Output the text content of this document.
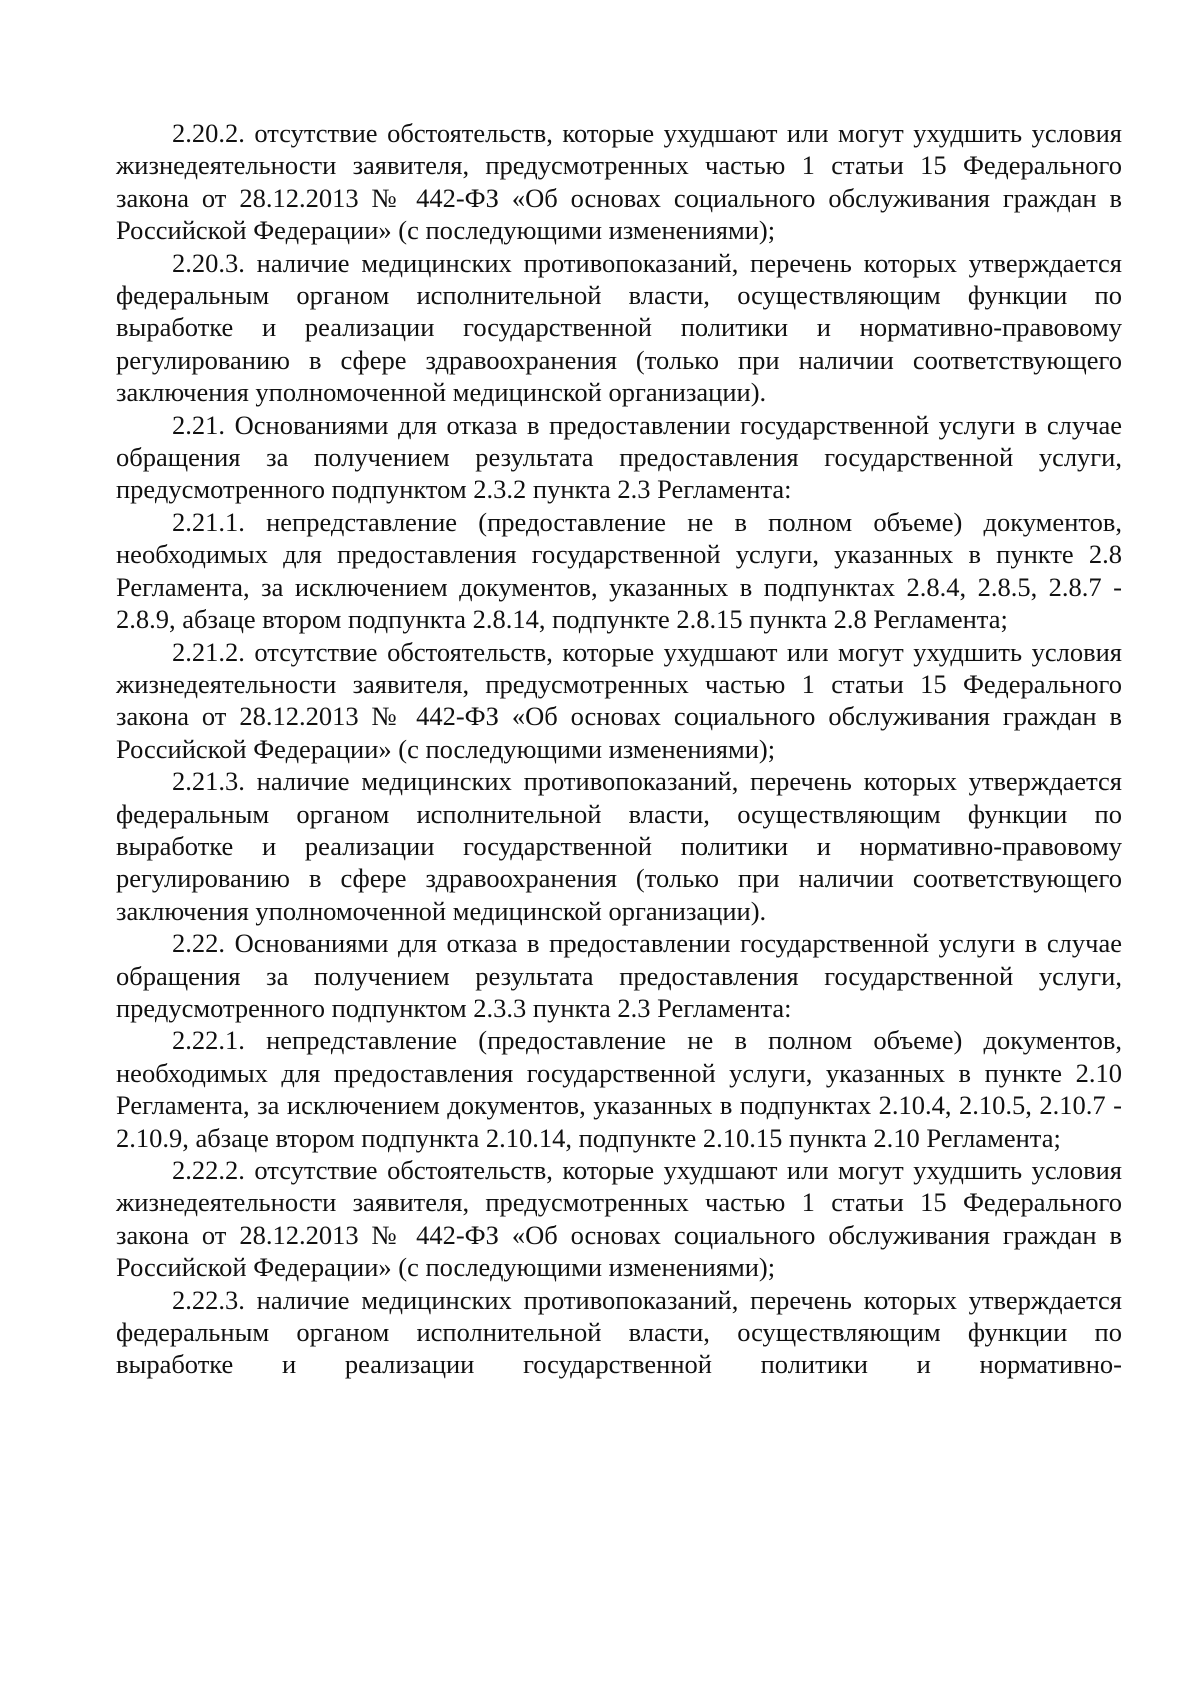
2.20.2. отсутствие обстоятельств, которые ухудшают или могут ухудшить условия жизнедеятельности заявителя, предусмотренных частью 1 статьи 15 Федерального закона от 28.12.2013 № 442-ФЗ «Об основах социального обслуживания граждан в Российской Федерации» (с последующими изменениями);

2.20.3. наличие медицинских противопоказаний, перечень которых утверждается федеральным органом исполнительной власти, осуществляющим функции по выработке и реализации государственной политики и нормативно-правовому регулированию в сфере здравоохранения (только при наличии соответствующего заключения уполномоченной медицинской организации).

2.21. Основаниями для отказа в предоставлении государственной услуги в случае обращения за получением результата предоставления государственной услуги, предусмотренного подпунктом 2.3.2 пункта 2.3 Регламента:

2.21.1. непредставление (предоставление не в полном объеме) документов, необходимых для предоставления государственной услуги, указанных в пункте 2.8 Регламента, за исключением документов, указанных в подпунктах 2.8.4, 2.8.5, 2.8.7 - 2.8.9, абзаце втором подпункта 2.8.14, подпункте 2.8.15 пункта 2.8 Регламента;

2.21.2. отсутствие обстоятельств, которые ухудшают или могут ухудшить условия жизнедеятельности заявителя, предусмотренных частью 1 статьи 15 Федерального закона от 28.12.2013 № 442-ФЗ «Об основах социального обслуживания граждан в Российской Федерации» (с последующими изменениями);

2.21.3. наличие медицинских противопоказаний, перечень которых утверждается федеральным органом исполнительной власти, осуществляющим функции по выработке и реализации государственной политики и нормативно-правовому регулированию в сфере здравоохранения (только при наличии соответствующего заключения уполномоченной медицинской организации).

2.22. Основаниями для отказа в предоставлении государственной услуги в случае обращения за получением результата предоставления государственной услуги, предусмотренного подпунктом 2.3.3 пункта 2.3 Регламента:

2.22.1. непредставление (предоставление не в полном объеме) документов, необходимых для предоставления государственной услуги, указанных в пункте 2.10 Регламента, за исключением документов, указанных в подпунктах 2.10.4, 2.10.5, 2.10.7 - 2.10.9, абзаце втором подпункта 2.10.14, подпункте 2.10.15 пункта 2.10 Регламента;

2.22.2. отсутствие обстоятельств, которые ухудшают или могут ухудшить условия жизнедеятельности заявителя, предусмотренных частью 1 статьи 15 Федерального закона от 28.12.2013 № 442-ФЗ «Об основах социального обслуживания граждан в Российской Федерации» (с последующими изменениями);

2.22.3. наличие медицинских противопоказаний, перечень которых утверждается федеральным органом исполнительной власти, осуществляющим функции по выработке и реализации государственной политики и нормативно-
